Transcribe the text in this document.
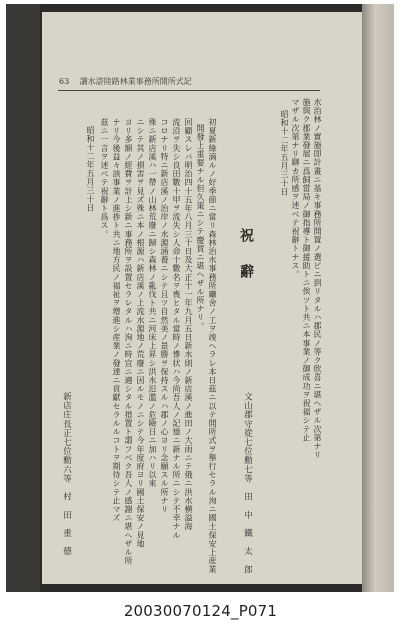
63 讀水滸陸路林業事務所開所式記
水治林ノ實施即計畫ニ基キ事務所開置ノ選ビニ到リタルハ郡民ノ等ク欣喜ニ堪ヘザル次第ナリ
施與ク郡業發展ニ爲飼當局ノ御指導ト御援助トニ俟ツト共ニ本事業ノ御成功ヲ祝福シテ止
マザル次第ナリ聊カ所感ヲ述ベテ祝辭トナス。
昭和十二年五月三十日
文山郡守從七位勳七等　田　中　鐵　太　郎
祝辭
初夏新綠滴ルノ好季節ニ當リ森林治水事務所廳舍ノ工ヲ竣ヘラレ本日茲ニ以テ開所式ヲ舉行セラル洵ニ國土保安上産業
開發上重要ナル但久策ニシテ慶賀ニ堪ヘザル所ナリ。
回顧スレバ明治四十五年八月三十日及大正十一年九月五日新水則ノ新店溪ノ進田ノ大雨ニテ俄ニ洪水横溢海
流沿ヲ失シ良田數十甲ヲ流失シ人命十數名ヲ喪ヒタル當時ノ慘状ハ今尚吾人ノ記憶ニ新ナル所ニシテ不幸ナル
コロナリ特ニ新店溪ノ治岸ノ水源涵養ニシテ且ツ自然美ノ景勝ヲ保持スルハ郡ノ心ヨリ念願スル所ナリ
殊ニ新店溪ハ一帶ノ山林荒廢ニ歸シ森林ノ亂伐ト共ニ河床上昇シ洪水氾濫ノ危險日ニ加ハリ以來
ニシテ其ノ損害ヲ見ズ殊ニ本ノ根源ハ新店溪ノ上流水源地ノ荒廢ニ因ルモノニシテ今年度府ヨリ國土保安ノ見地
ヨリ多額ノ經費ヲ計上シ新ニ事務所ヲ設置セラレタルハ洵ニ時宜ニ適シタル措置ト謂フベク吾人ノ感謝ニ堪ヘザル所
ナリ今後益々該事業ノ進捗ト共ニ地方民ノ福祉ヲ增進シ産業ノ發達ニ貢獻セラルルコトヲ期待シテ止マズ
茲ニ一言ヲ述ベテ祝辭ト爲ス。
昭和十二年五月三十日
新店庄長正七位勳六等　村　田　重　德
20030070124_P071
